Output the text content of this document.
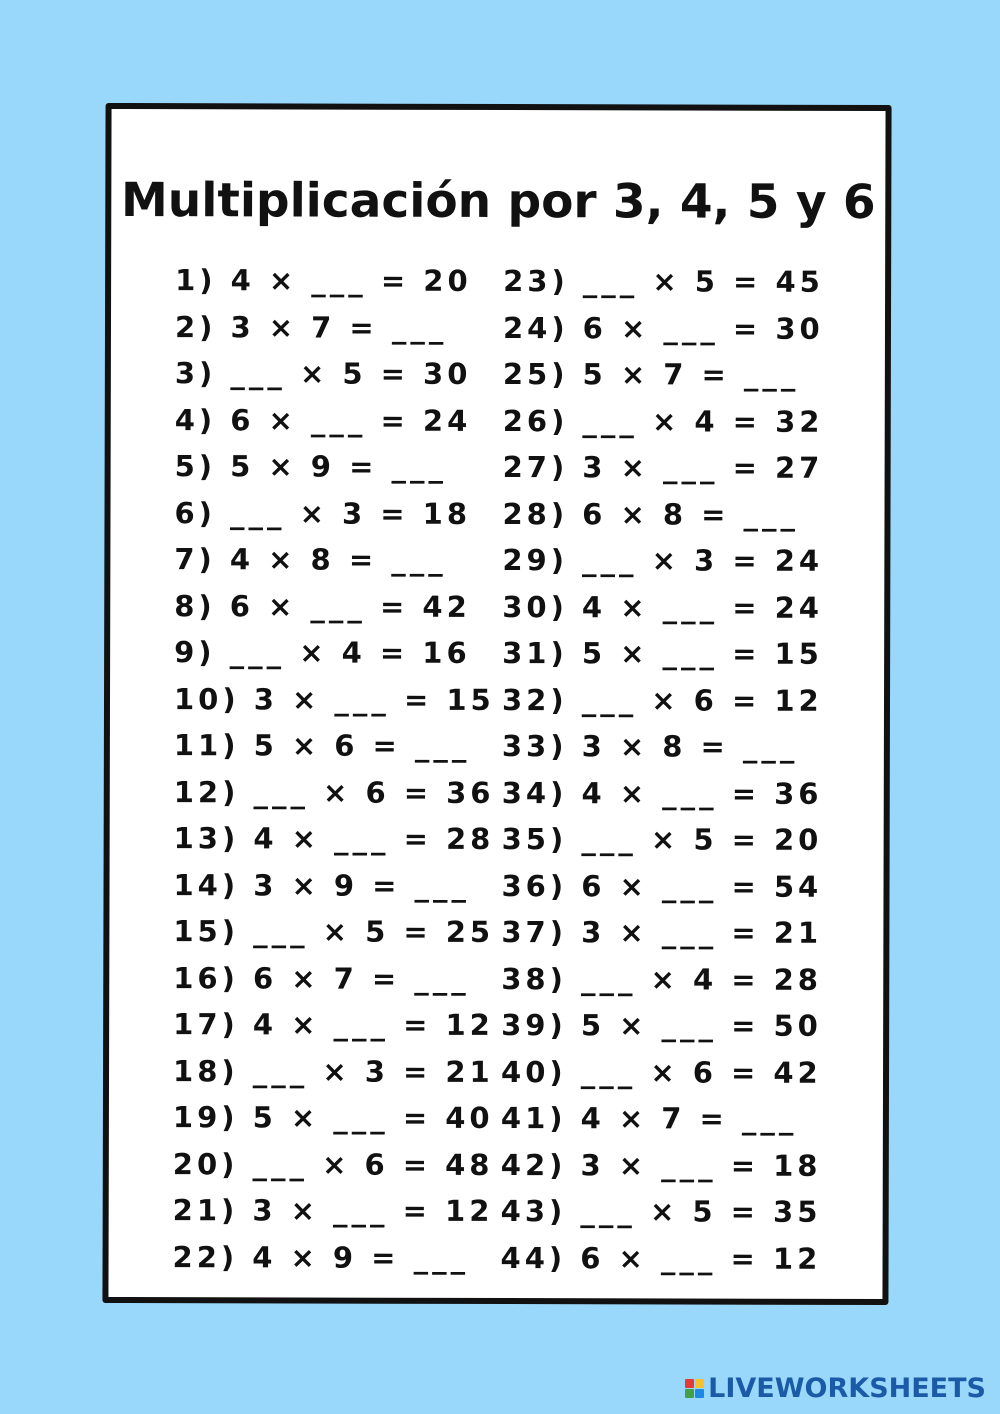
Multiplicación por 3, 4, 5 y 6
1) 4 × ___ = 20
2) 3 × 7 = ___
3) ___ × 5 = 30
4) 6 × ___ = 24
5) 5 × 9 = ___
6) ___ × 3 = 18
7) 4 × 8 = ___
8) 6 × ___ = 42
9) ___ × 4 = 16
10) 3 × ___ = 15
11) 5 × 6 = ___
12) ___ × 6 = 36
13) 4 × ___ = 28
14) 3 × 9 = ___
15) ___ × 5 = 25
16) 6 × 7 = ___
17) 4 × ___ = 12
18) ___ × 3 = 21
19) 5 × ___ = 40
20) ___ × 6 = 48
21) 3 × ___ = 12
22) 4 × 9 = ___
23) ___ × 5 = 45
24) 6 × ___ = 30
25) 5 × 7 = ___
26) ___ × 4 = 32
27) 3 × ___ = 27
28) 6 × 8 = ___
29) ___ × 3 = 24
30) 4 × ___ = 24
31) 5 × ___ = 15
32) ___ × 6 = 12
33) 3 × 8 = ___
34) 4 × ___ = 36
35) ___ × 5 = 20
36) 6 × ___ = 54
37) 3 × ___ = 21
38) ___ × 4 = 28
39) 5 × ___ = 50
40) ___ × 6 = 42
41) 4 × 7 = ___
42) 3 × ___ = 18
43) ___ × 5 = 35
44) 6 × ___ = 12
LIVEWORKSHEETS
